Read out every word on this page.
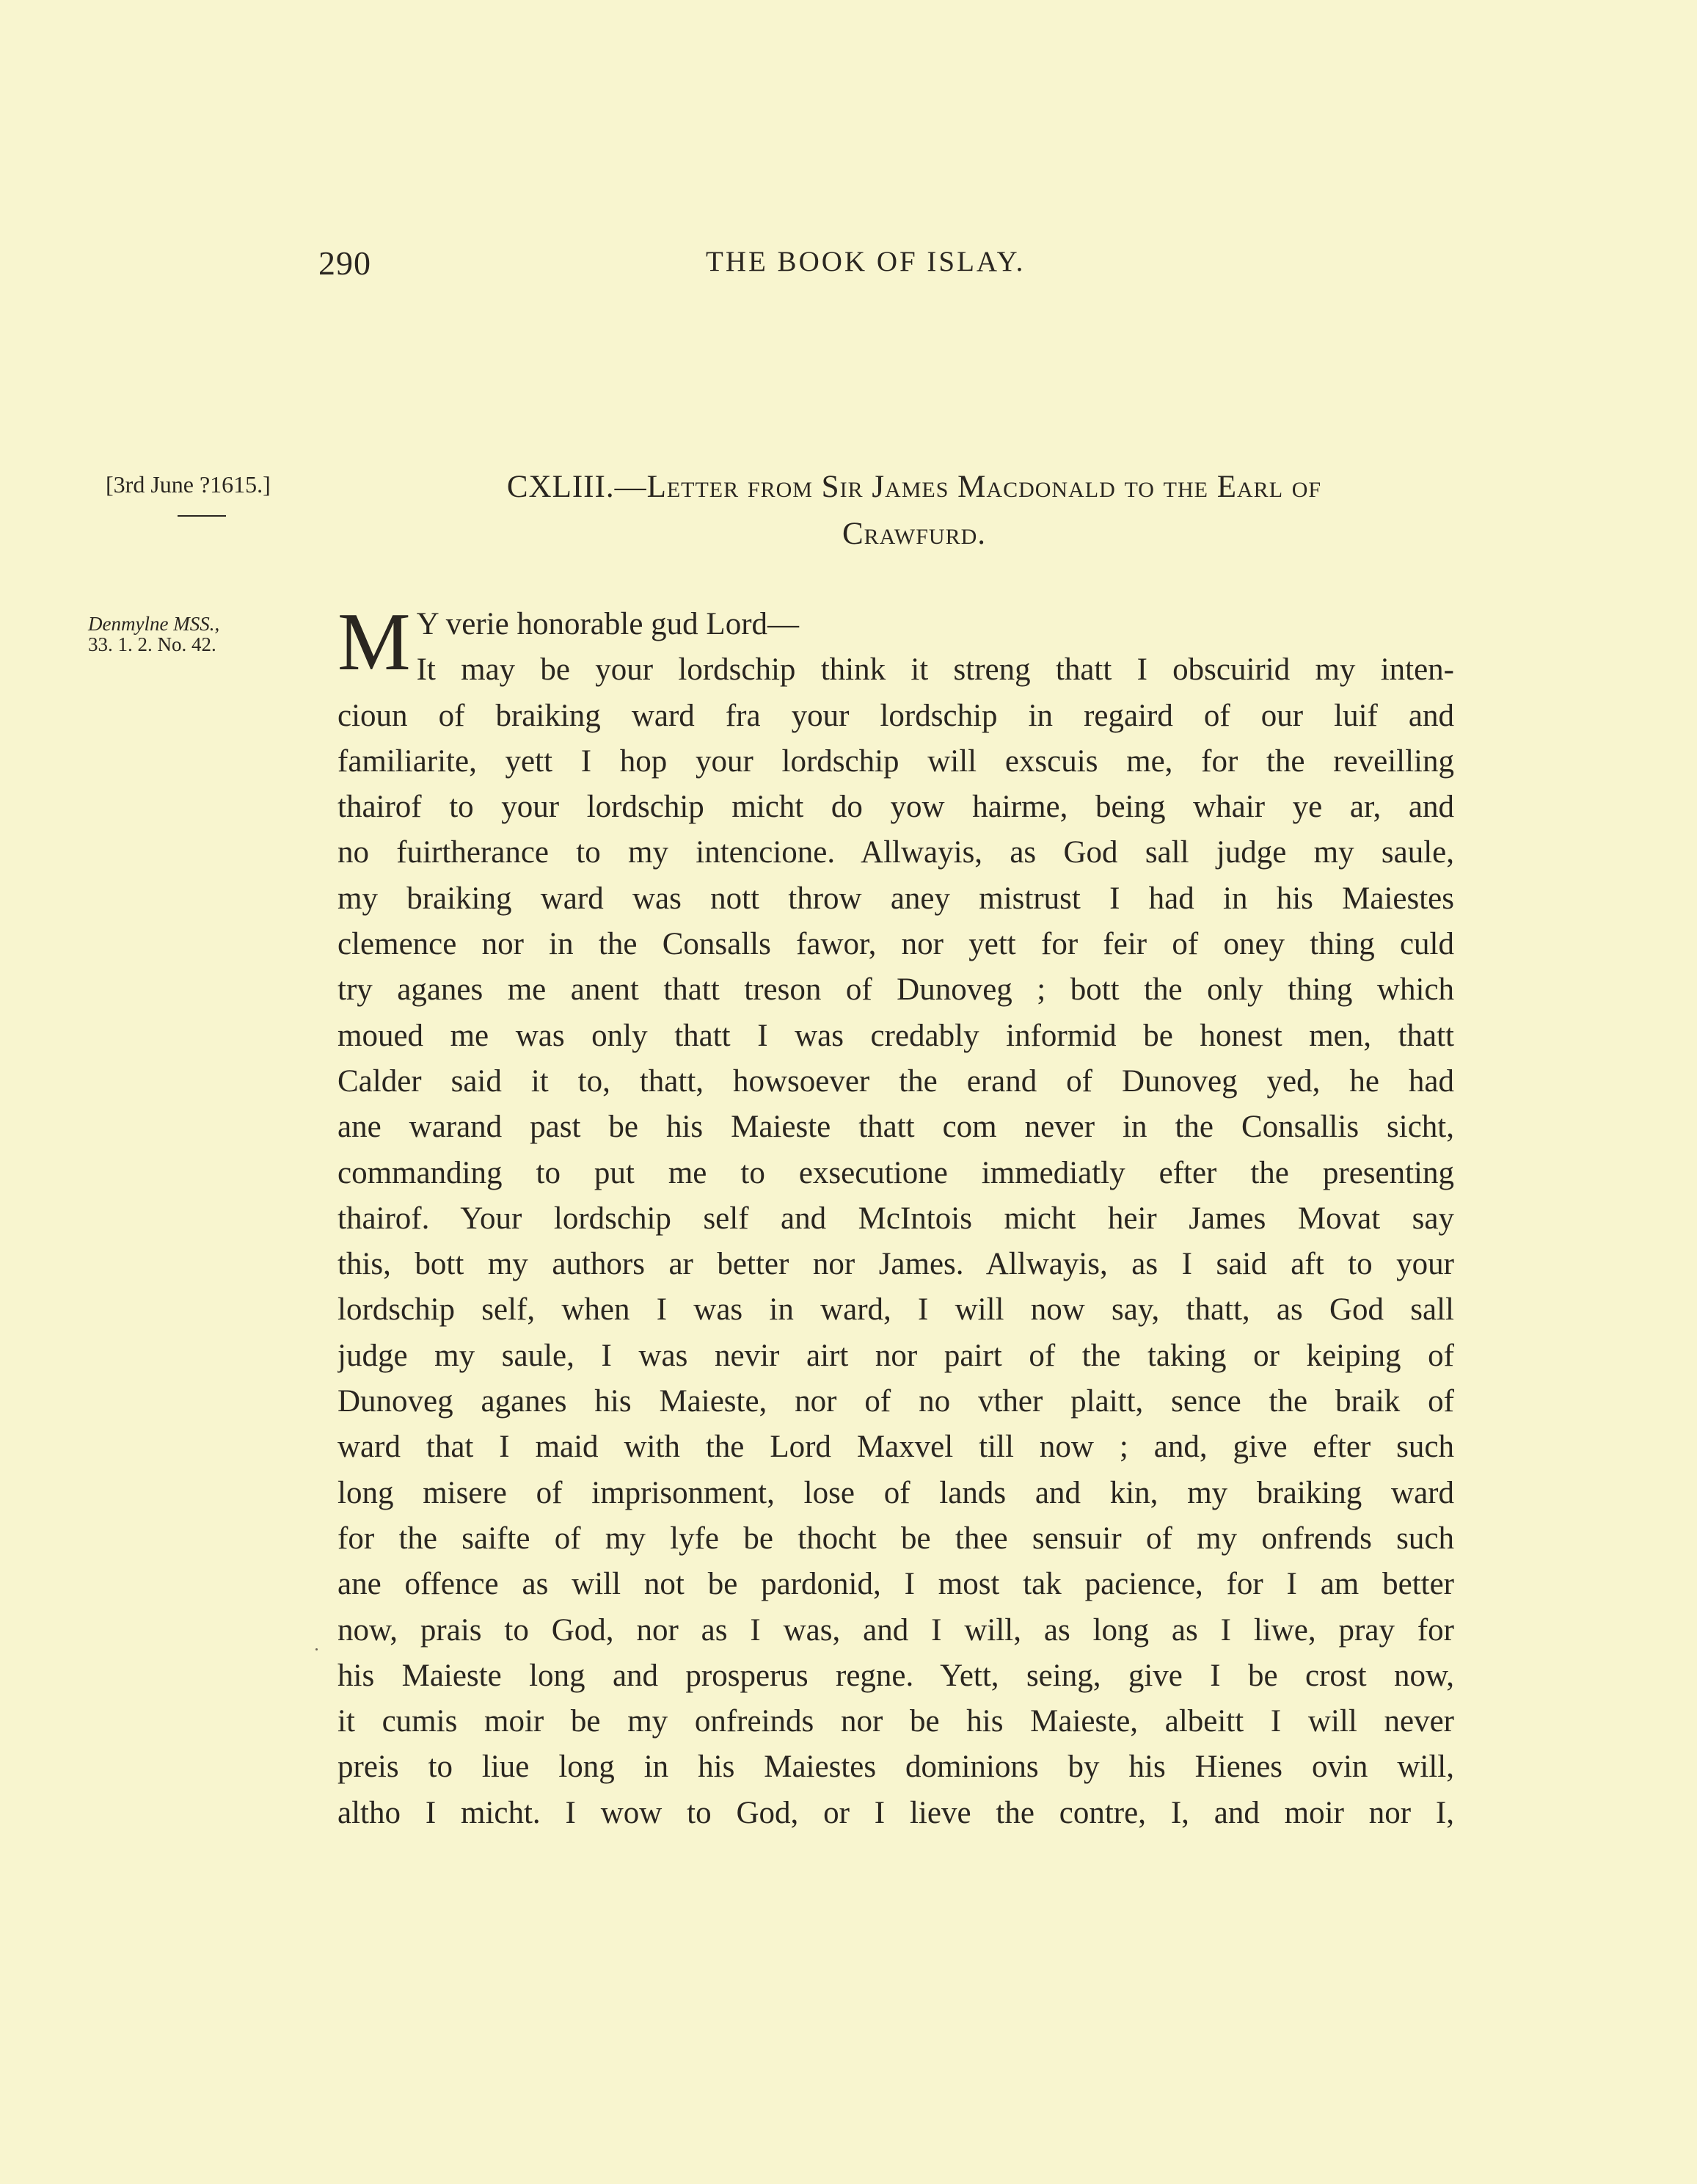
290	THE BOOK OF ISLAY.
[3rd June ?1615.]	CXLIII.—Letter from Sir James Macdonald to the Earl of
Crawfurd.
Denmylne MSS.,
33. 1. 2. No. 42.	M Y verie honorable gud Lord—
It may be your lordschip think it streng thatt I obscuirid my inten-
cioun of braiking ward fra your lordschip in regaird of our luif and
familiarite, yett I hop your lordschip will exscuis me, for the reveilling
thairof to your lordschip micht do yow hairme, being whair ye ar, and
no fuirtherance to my intencione. Allwayis, as God sall judge my saule,
my braiking ward was nott throw aney mistrust I had in his Maiestes
clemence nor in the Consalls fawor, nor yett for feir of oney thing culd
try aganes me anent thatt treson of Dunoveg ; bott the only thing which
moued me was only thatt I was credably informid be honest men, thatt
Calder said it to, thatt, howsoever the erand of Dunoveg yed, he had
ane warand past be his Maieste thatt com never in the Consallis sicht,
commanding to put me to exsecutione immediatly efter the presenting
thairof. Your lordschip self and McIntois micht heir James Movat say
this, bott my authors ar better nor James. Allwayis, as I said aft to your
lordschip self, when I was in ward, I will now say, thatt, as God sall
judge my saule, I was nevir airt nor pairt of the taking or keiping of
Dunoveg aganes his Maieste, nor of no vther plaitt, sence the braik of
ward that I maid with the Lord Maxvel till now ; and, give efter such
long misere of imprisonment, lose of lands and kin, my braiking ward
for the saifte of my lyfe be thocht be thee sensuir of my onfrends such
ane offence as will not be pardonid, I most tak pacience, for I am better
now, prais to God, nor as I was, and I will, as long as I liwe, pray for
his Maieste long and prosperus regne. Yett, seing, give I be crost now,
it cumis moir be my onfreinds nor be his Maieste, albeitt I will never
preis to liue long in his Maiestes dominions by his Hienes ovin will,
altho I micht. I wow to God, or I lieve the contre, I, and moir nor I,
